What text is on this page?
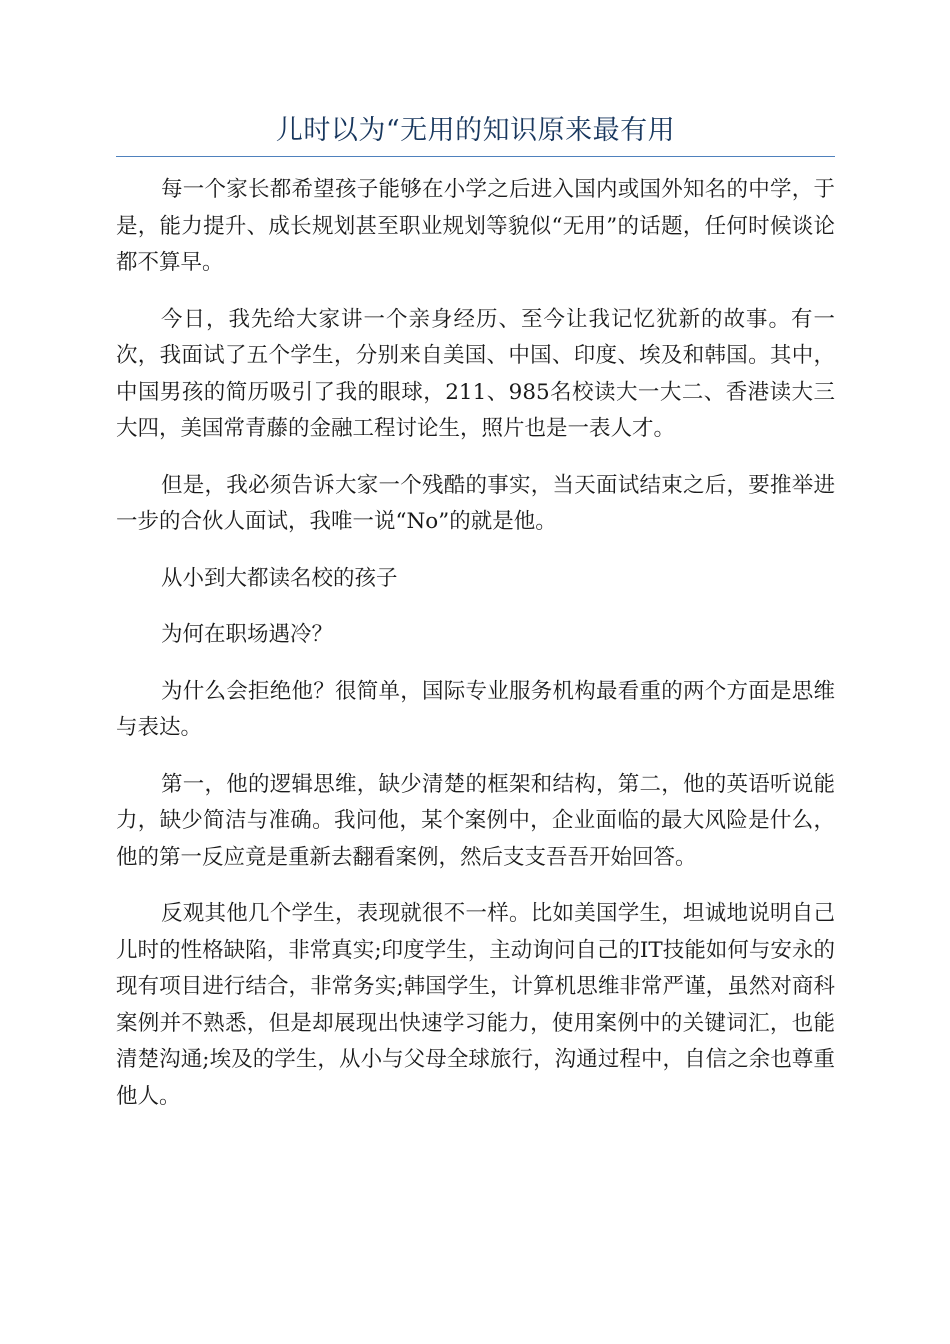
儿时以为“无用的知识原来最有用

每一个家长都希望孩子能够在小学之后进入国内或国外知名的中学，于是，能力提升、成长规划甚至职业规划等貌似“无用”的话题，任何时候谈论都不算早。

今日，我先给大家讲一个亲身经历、至今让我记忆犹新的故事。有一次，我面试了五个学生，分别来自美国、中国、印度、埃及和韩国。其中，中国男孩的简历吸引了我的眼球，211、985名校读大一大二、香港读大三大四，美国常青藤的金融工程讨论生，照片也是一表人才。

但是，我必须告诉大家一个残酷的事实，当天面试结束之后，要推举进一步的合伙人面试，我唯一说“No”的就是他。

从小到大都读名校的孩子

为何在职场遇冷？

为什么会拒绝他？很简单，国际专业服务机构最看重的两个方面是思维与表达。

第一，他的逻辑思维，缺少清楚的框架和结构，第二，他的英语听说能力，缺少简洁与准确。我问他，某个案例中，企业面临的最大风险是什么，他的第一反应竟是重新去翻看案例，然后支支吾吾开始回答。

反观其他几个学生，表现就很不一样。比如美国学生，坦诚地说明自己儿时的性格缺陷，非常真实;印度学生，主动询问自己的IT技能如何与安永的现有项目进行结合，非常务实;韩国学生，计算机思维非常严谨，虽然对商科案例并不熟悉，但是却展现出快速学习能力，使用案例中的关键词汇，也能清楚沟通;埃及的学生，从小与父母全球旅行，沟通过程中，自信之余也尊重他人。
